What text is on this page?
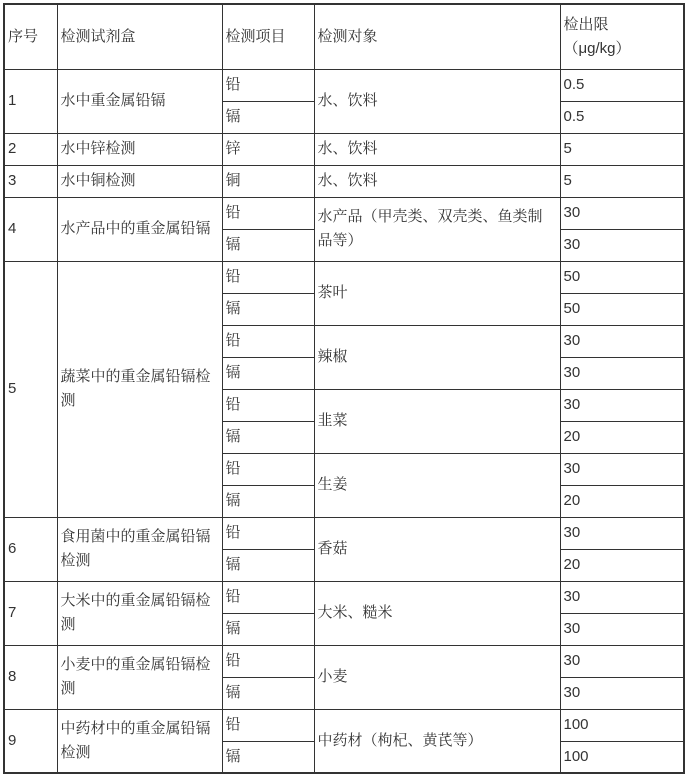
序号	检测试剂盒	检测项目	检测对象	检出限
（μg/kg）

1	水中重金属铅镉	铅	水、饮料	0.5
		镉		0.5
2	水中锌检测	锌	水、饮料	5
3	水中铜检测	铜	水、饮料	5
4	水产品中的重金属铅镉	铅	水产品（甲壳类、双壳类、鱼类制品等）	30
		镉		30
5	蔬菜中的重金属铅镉检测	铅	茶叶	50
		镉		50
		铅	辣椒	30
		镉		30
		铅	韭菜	30
		镉		20
		铅	生姜	30
		镉		20
6	食用菌中的重金属铅镉检测	铅	香菇	30
		镉		20
7	大米中的重金属铅镉检测	铅	大米、糙米	30
		镉		30
8	小麦中的重金属铅镉检测	铅	小麦	30
		镉		30
9	中药材中的重金属铅镉检测	铅	中药材（枸杞、黄芪等）	100
		镉		100
